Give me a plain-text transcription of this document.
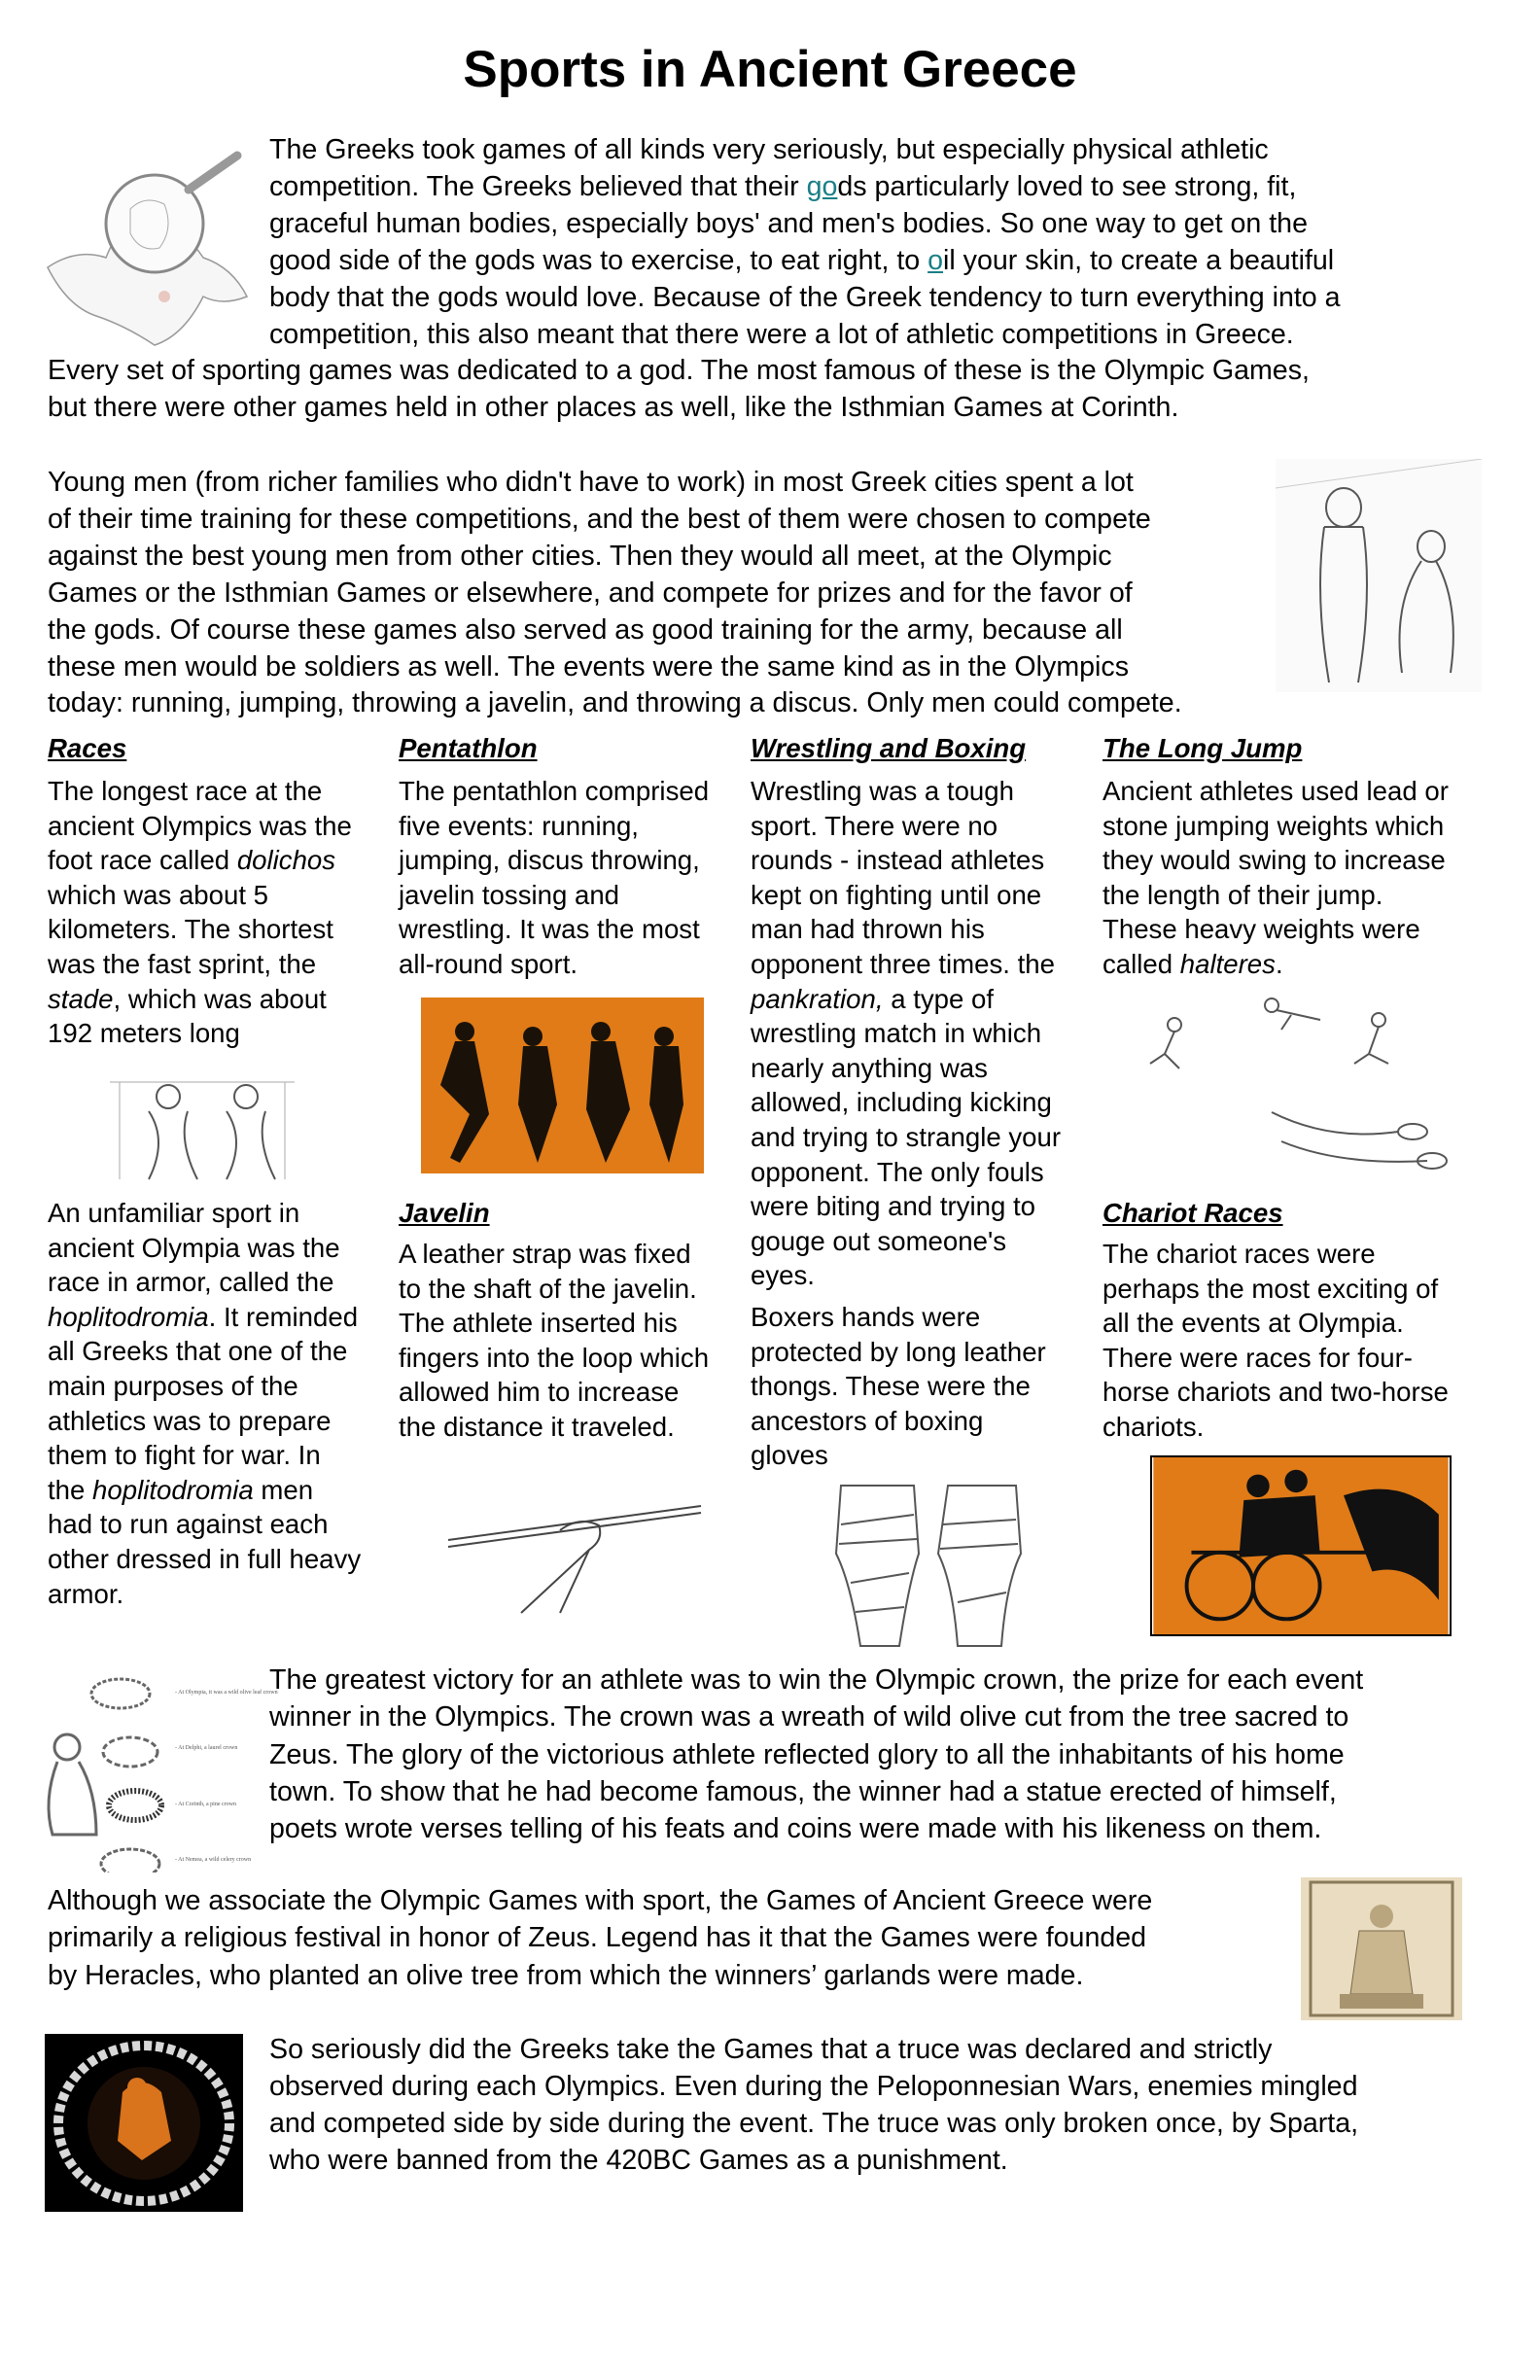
Sports in Ancient Greece
The Greeks took games of all kinds very seriously, but especially physical athletic
competition. The Greeks believed that their gods particularly loved to see strong, fit,
graceful human bodies, especially boys' and men's bodies. So one way to get on the
good side of the gods was to exercise, to eat right, to oil your skin, to create a beautiful
body that the gods would love. Because of the Greek tendency to turn everything into a
competition, this also meant that there were a lot of athletic competitions in Greece.
Every set of sporting games was dedicated to a god. The most famous of these is the Olympic Games,
but there were other games held in other places as well, like the Isthmian Games at Corinth.
Young men (from richer families who didn't have to work) in most Greek cities spent a lot
of their time training for these competitions, and the best of them were chosen to compete
against the best young men from other cities. Then they would all meet, at the Olympic
Games or the Isthmian Games or elsewhere, and compete for prizes and for the favor of
the gods. Of course these games also served as good training for the army, because all
these men would be soldiers as well. The events were the same kind as in the Olympics
today: running, jumping, throwing a javelin, and throwing a discus. Only men could compete.
Races	Pentathlon	Wrestling and Boxing	The Long Jump
The longest race at the
ancient Olympics was the
foot race called dolichos
which was about 5
kilometers. The shortest
was the fast sprint, the
stade, which was about
192 meters long
The pentathlon comprised
five events: running,
jumping, discus throwing,
javelin tossing and
wrestling. It was the most
all-round sport.
Wrestling was a tough
sport. There were no
rounds - instead athletes
kept on fighting until one
man had thrown his
opponent three times. the
pankration, a type of
wrestling match in which
nearly anything was
allowed, including kicking
and trying to strangle your
opponent. The only fouls
were biting and trying to
gouge out someone's
eyes.
Ancient athletes used lead or
stone jumping weights which
they would swing to increase
the length of their jump.
These heavy weights were
called halteres.
An unfamiliar sport in
ancient Olympia was the
race in armor, called the
hoplitodromia. It reminded
all Greeks that one of the
main purposes of the
athletics was to prepare
them to fight for war. In
the hoplitodromia men
had to run against each
other dressed in full heavy
armor.
Javelin
A leather strap was fixed
to the shaft of the javelin.
The athlete inserted his
fingers into the loop which
allowed him to increase
the distance it traveled.
Boxers hands were
protected by long leather
thongs. These were the
ancestors of boxing
gloves
Chariot Races
The chariot races were
perhaps the most exciting of
all the events at Olympia.
There were races for four-
horse chariots and two-horse
chariots.
- At Olympia, it was a wild olive leaf crown
- At Delphi, a laurel crown
- At Corinth, a pine crown
- At Nemea, a wild celery crown
The greatest victory for an athlete was to win the Olympic crown, the prize for each event
winner in the Olympics. The crown was a wreath of wild olive cut from the tree sacred to
Zeus. The glory of the victorious athlete reflected glory to all the inhabitants of his home
town. To show that he had become famous, the winner had a statue erected of himself,
poets wrote verses telling of his feats and coins were made with his likeness on them.
Although we associate the Olympic Games with sport, the Games of Ancient Greece were
primarily a religious festival in honor of Zeus. Legend has it that the Games were founded
by Heracles, who planted an olive tree from which the winners’ garlands were made.
So seriously did the Greeks take the Games that a truce was declared and strictly
observed during each Olympics. Even during the Peloponnesian Wars, enemies mingled
and competed side by side during the event. The truce was only broken once, by Sparta,
who were banned from the 420BC Games as a punishment.
